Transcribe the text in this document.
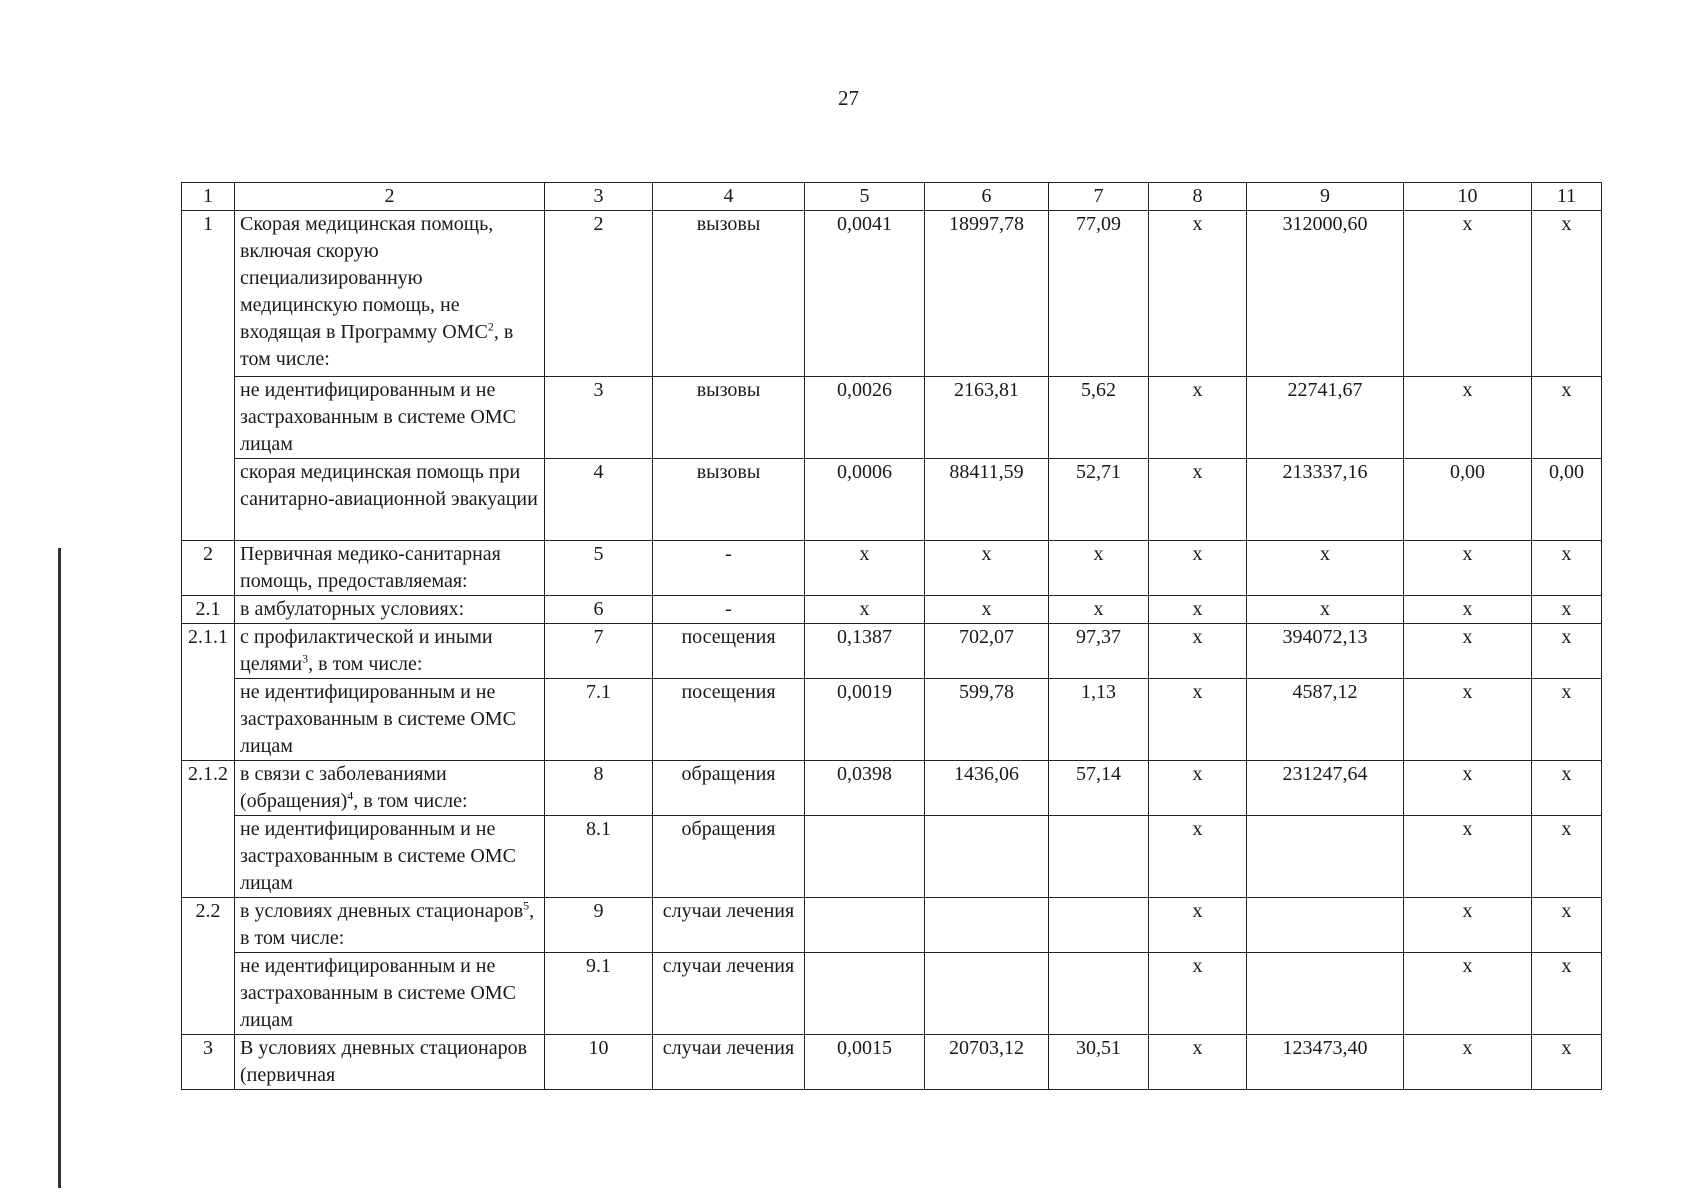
27
1	2	3	4	5	6	7	8	9	10	11
1	Скорая медицинская помощь, включая скорую специализированную медицинскую помощь, не входящая в Программу ОМС$^2$, в том числе:	2	вызовы	0,0041	18997,78	77,09	х	312000,60	х	х
	не идентифицированным и не застрахованным в системе ОМС лицам	3	вызовы	0,0026	2163,81	5,62	х	22741,67	х	х
	скорая медицинская помощь при санитарно-авиационной эвакуации	4	вызовы	0,0006	88411,59	52,71	х	213337,16	0,00	0,00
2	Первичная медико-санитарная помощь, предоставляемая:	5	-	х	х	х	х	х	х	х
2.1	в амбулаторных условиях:	6	-	х	х	х	х	х	х	х
2.1.1	с профилактической и иными целями$^3$, в том числе:	7	посещения	0,1387	702,07	97,37	х	394072,13	х	х
	не идентифицированным и не застрахованным в системе ОМС лицам	7.1	посещения	0,0019	599,78	1,13	х	4587,12	х	х
2.1.2	в связи с заболеваниями (обращения)$^4$, в том числе:	8	обращения	0,0398	1436,06	57,14	х	231247,64	х	х
	не идентифицированным и не застрахованным в системе ОМС лицам	8.1	обращения				х		х	х
2.2	в условиях дневных стационаров$^5$, в том числе:	9	случаи лечения				х		х	х
	не идентифицированным и не застрахованным в системе ОМС лицам	9.1	случаи лечения				х		х	х
3	В условиях дневных стационаров (первичная	10	случаи лечения	0,0015	20703,12	30,51	х	123473,40	х	х
